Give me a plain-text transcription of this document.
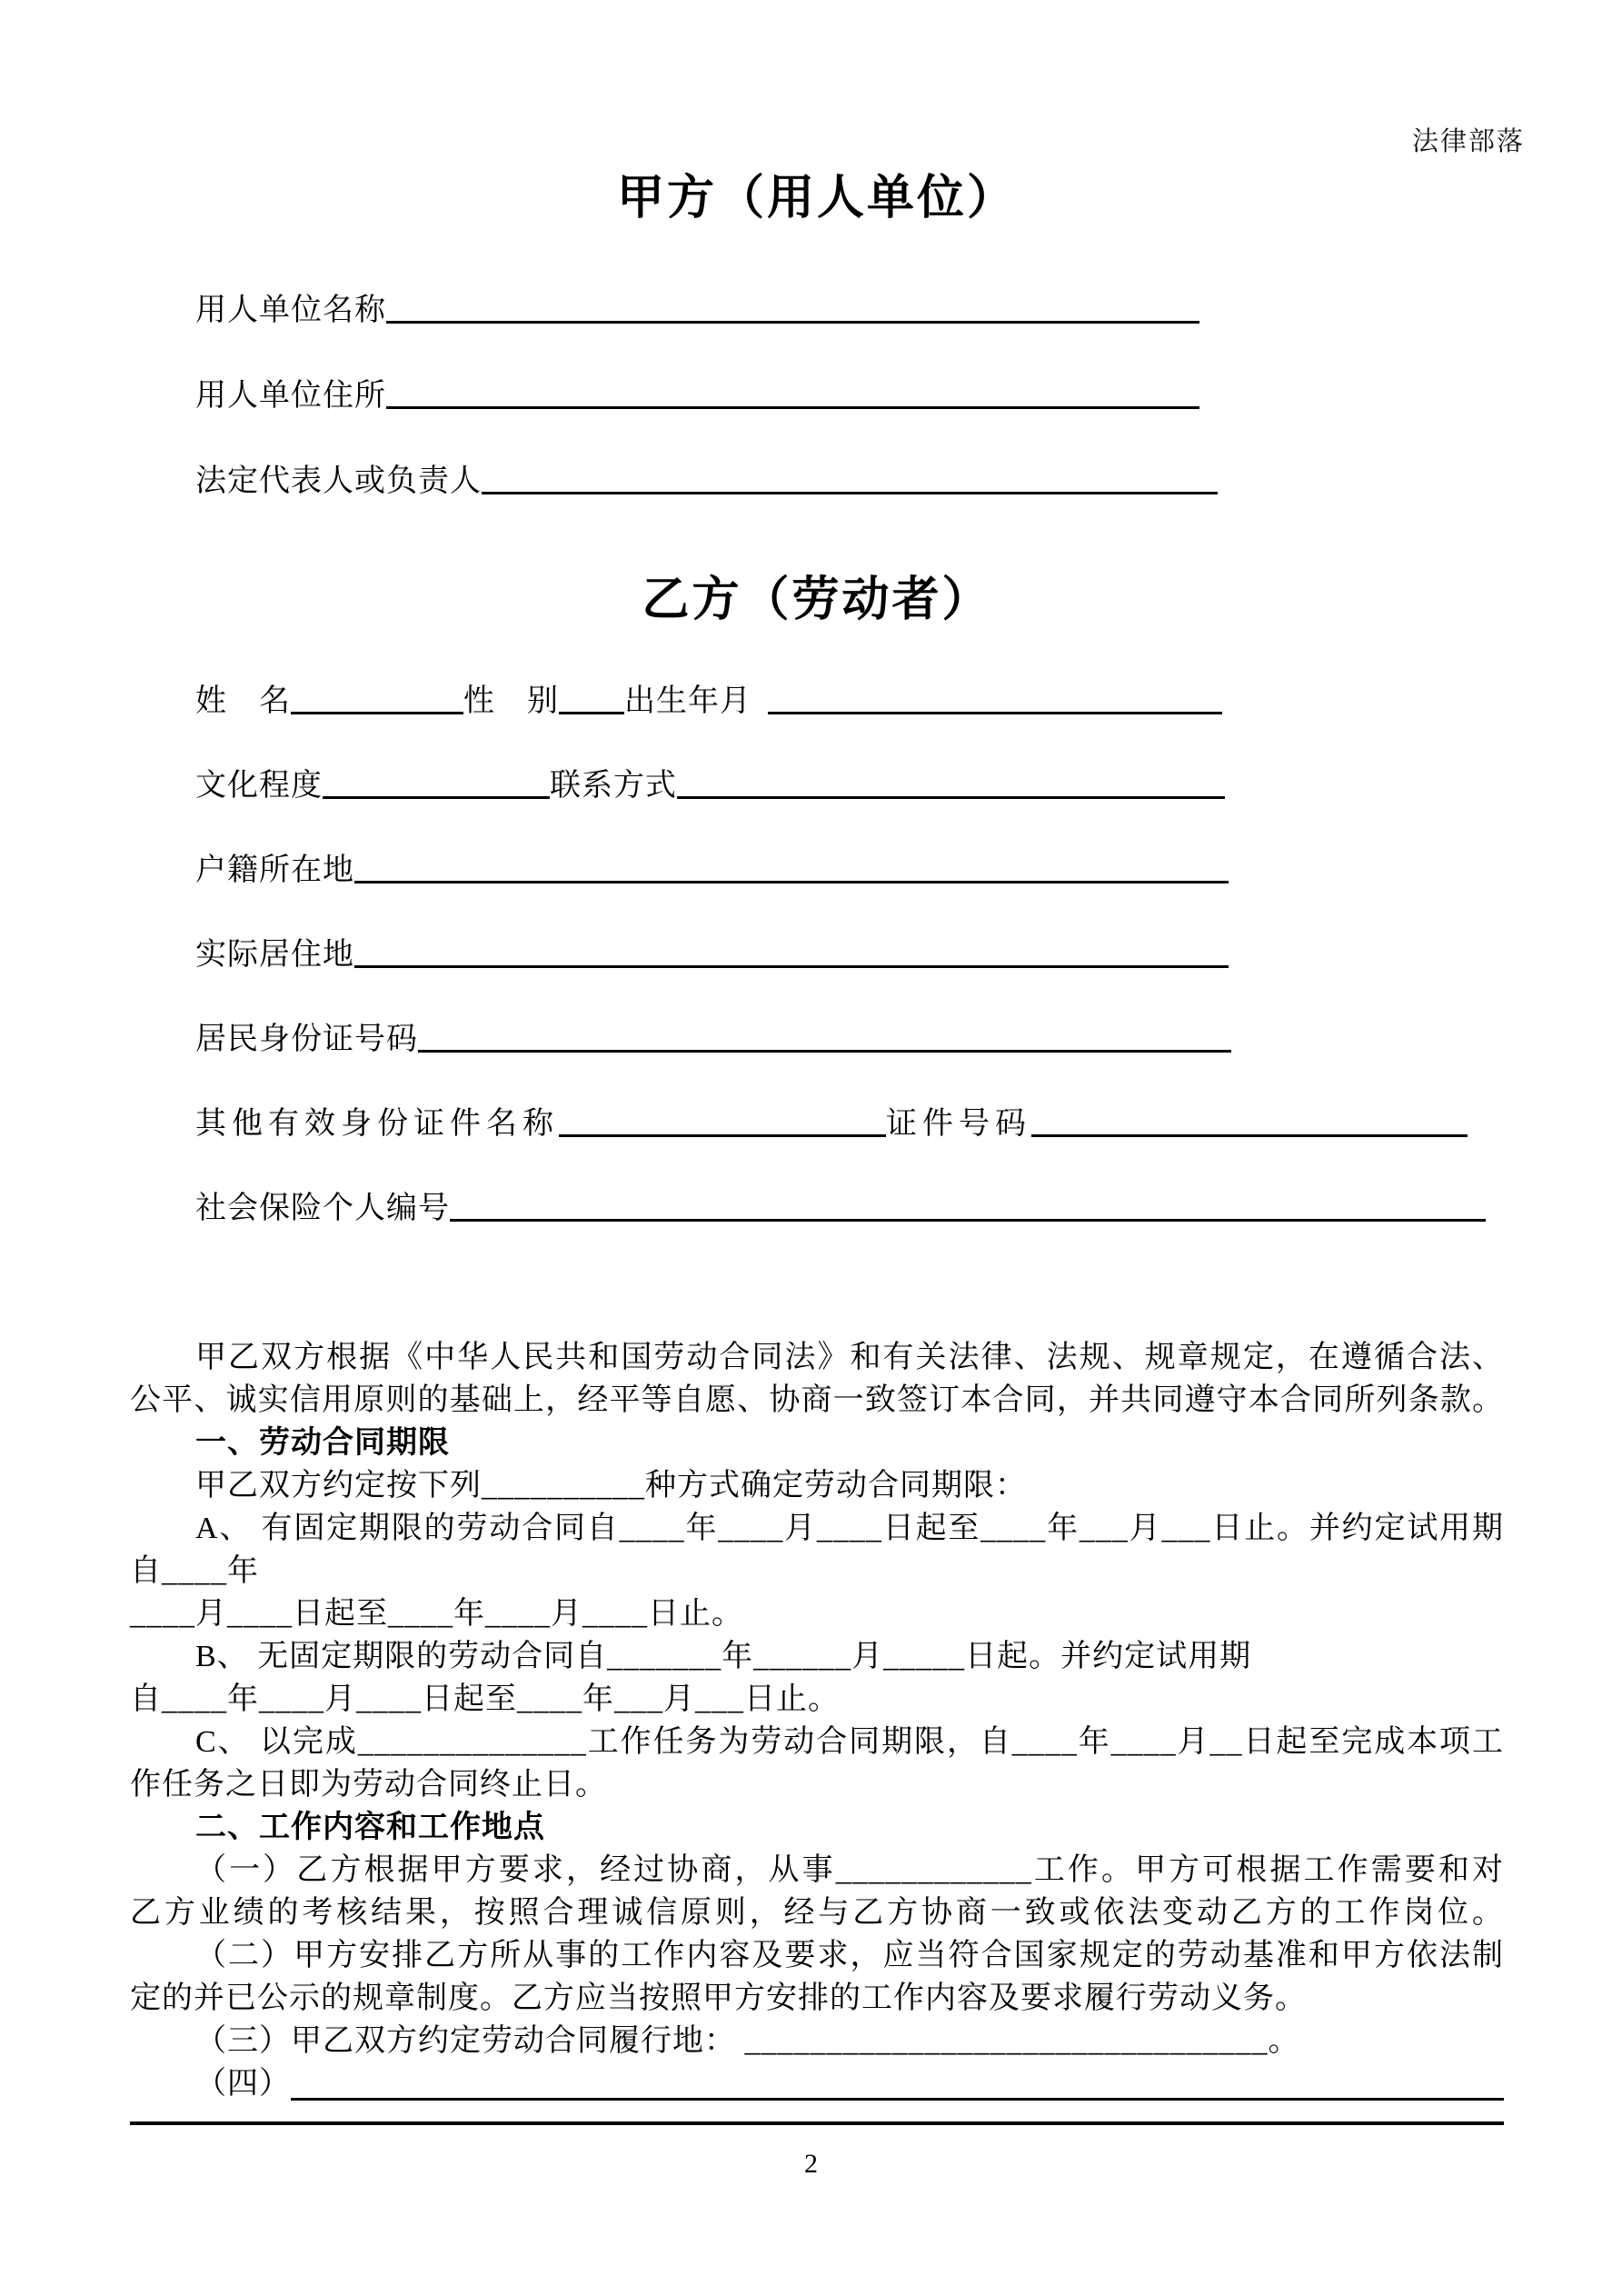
法律部落
甲方（用人单位）
用人单位名称
用人单位住所
法定代表人或负责人
乙方（劳动者）
姓　名	性　别 出生年月
文化程度	联系方式
户籍所在地
实际居住地
居民身份证号码
其他有效身份证件名称	证件号码
社会保险个人编号
甲乙双方根据《中华人民共和国劳动合同法》和有关法律、法规、规章规定，在遵循合法、
公平、诚实信用原则的基础上，经平等自愿、协商一致签订本合同，并共同遵守本合同所列条款。
一、劳动合同期限
甲乙双方约定按下列__________种方式确定劳动合同期限：
A、 有固定期限的劳动合同自____年____月____日起至____年___月___日止。并约定试用期
自____年
____月____日起至____年____月____日止。
B、 无固定期限的劳动合同自_______年______月_____日起。并约定试用期
自____年____月____日起至____年___月___日止。
C、 以完成______________工作任务为劳动合同期限，自____年____月__日起至完成本项工
作任务之日即为劳动合同终止日。
二、工作内容和工作地点
（一）乙方根据甲方要求，经过协商，从事____________工作。甲方可根据工作需要和对
乙方业绩的考核结果，按照合理诚信原则，经与乙方协商一致或依法变动乙方的工作岗位。
（二）甲方安排乙方所从事的工作内容及要求，应当符合国家规定的劳动基准和甲方依法制
定的并已公示的规章制度。乙方应当按照甲方安排的工作内容及要求履行劳动义务。
（三）甲乙双方约定劳动合同履行地： ________________________________。
（四）
2
